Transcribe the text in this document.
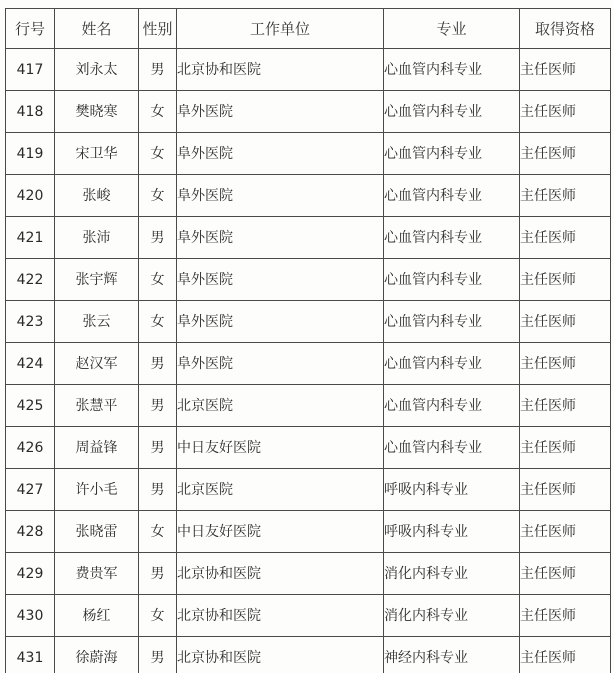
行号	姓名	性别	工作单位	专业	取得资格
417	刘永太	男	北京协和医院	心血管内科专业	主任医师
418	樊晓寒	女	阜外医院	心血管内科专业	主任医师
419	宋卫华	女	阜外医院	心血管内科专业	主任医师
420	张峻	女	阜外医院	心血管内科专业	主任医师
421	张沛	男	阜外医院	心血管内科专业	主任医师
422	张宇辉	女	阜外医院	心血管内科专业	主任医师
423	张云	女	阜外医院	心血管内科专业	主任医师
424	赵汉军	男	阜外医院	心血管内科专业	主任医师
425	张慧平	男	北京医院	心血管内科专业	主任医师
426	周益锋	男	中日友好医院	心血管内科专业	主任医师
427	许小毛	男	北京医院	呼吸内科专业	主任医师
428	张晓雷	女	中日友好医院	呼吸内科专业	主任医师
429	费贵军	男	北京协和医院	消化内科专业	主任医师
430	杨红	女	北京协和医院	消化内科专业	主任医师
431	徐蔚海	男	北京协和医院	神经内科专业	主任医师
